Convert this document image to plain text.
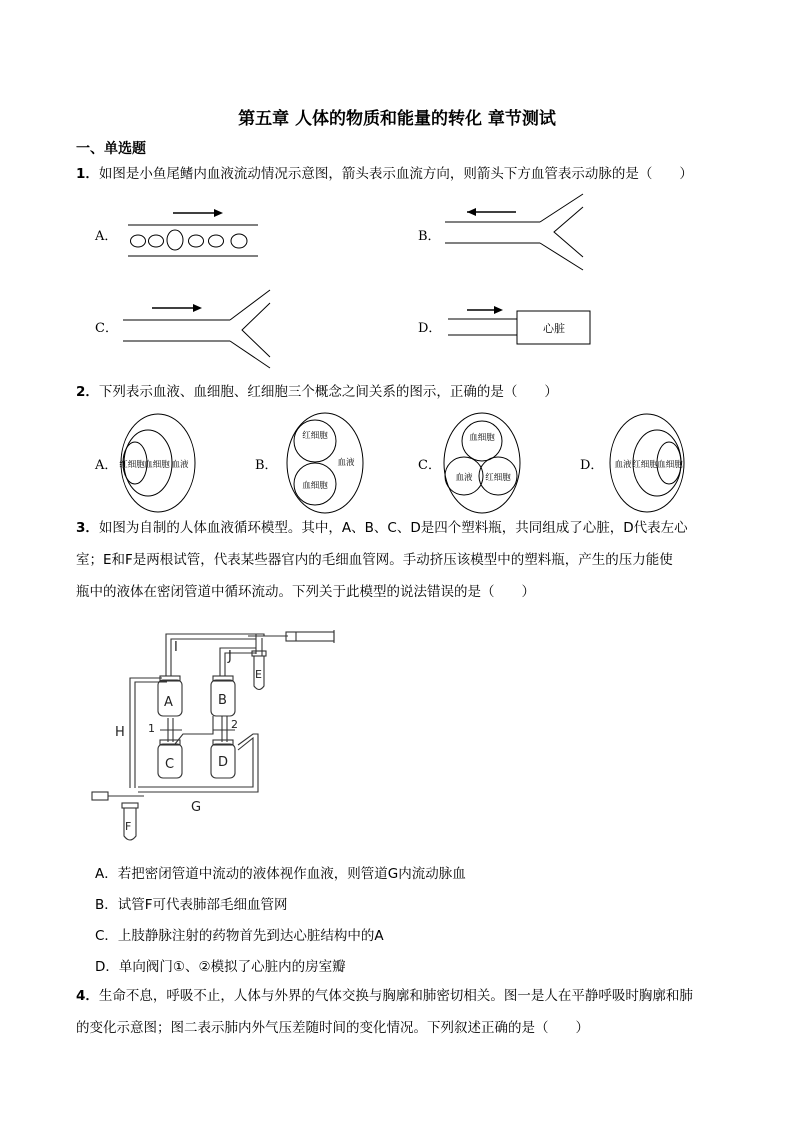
第五章 人体的物质和能量的转化 章节测试
一、单选题
1．如图是小鱼尾鳍内血液流动情况示意图，箭头表示血流方向，则箭头下方血管表示动脉的是（　　）
A．	B．
C．	D．	心脏
2．下列表示血液、血细胞、红细胞三个概念之间关系的图示，正确的是（　　）
A． 红细胞 血细胞 血液	B．
红细胞
血液
血细胞
C．
血细胞
血液 红细胞
D． 血液 红细胞 血细胞
3．如图为自制的人体血液循环模型。其中，A、B、C、D是四个塑料瓶，共同组成了心脏，D代表左心
室；E和F是两根试管，代表某些器官内的毛细血管网。手动挤压该模型中的塑料瓶，产生的压力能使
瓶中的液体在密闭管道中循环流动。下列关于此模型的说法错误的是（　　）
I
J
A	B
C	D
E
F
G
H 1	2
A．若把密闭管道中流动的液体视作血液，则管道G内流动脉血
B．试管F可代表肺部毛细血管网
C．上肢静脉注射的药物首先到达心脏结构中的A
D．单向阀门①、②模拟了心脏内的房室瓣
4．生命不息，呼吸不止，人体与外界的气体交换与胸廓和肺密切相关。图一是人在平静呼吸时胸廓和肺
的变化示意图；图二表示肺内外气压差随时间的变化情况。下列叙述正确的是（　　）
